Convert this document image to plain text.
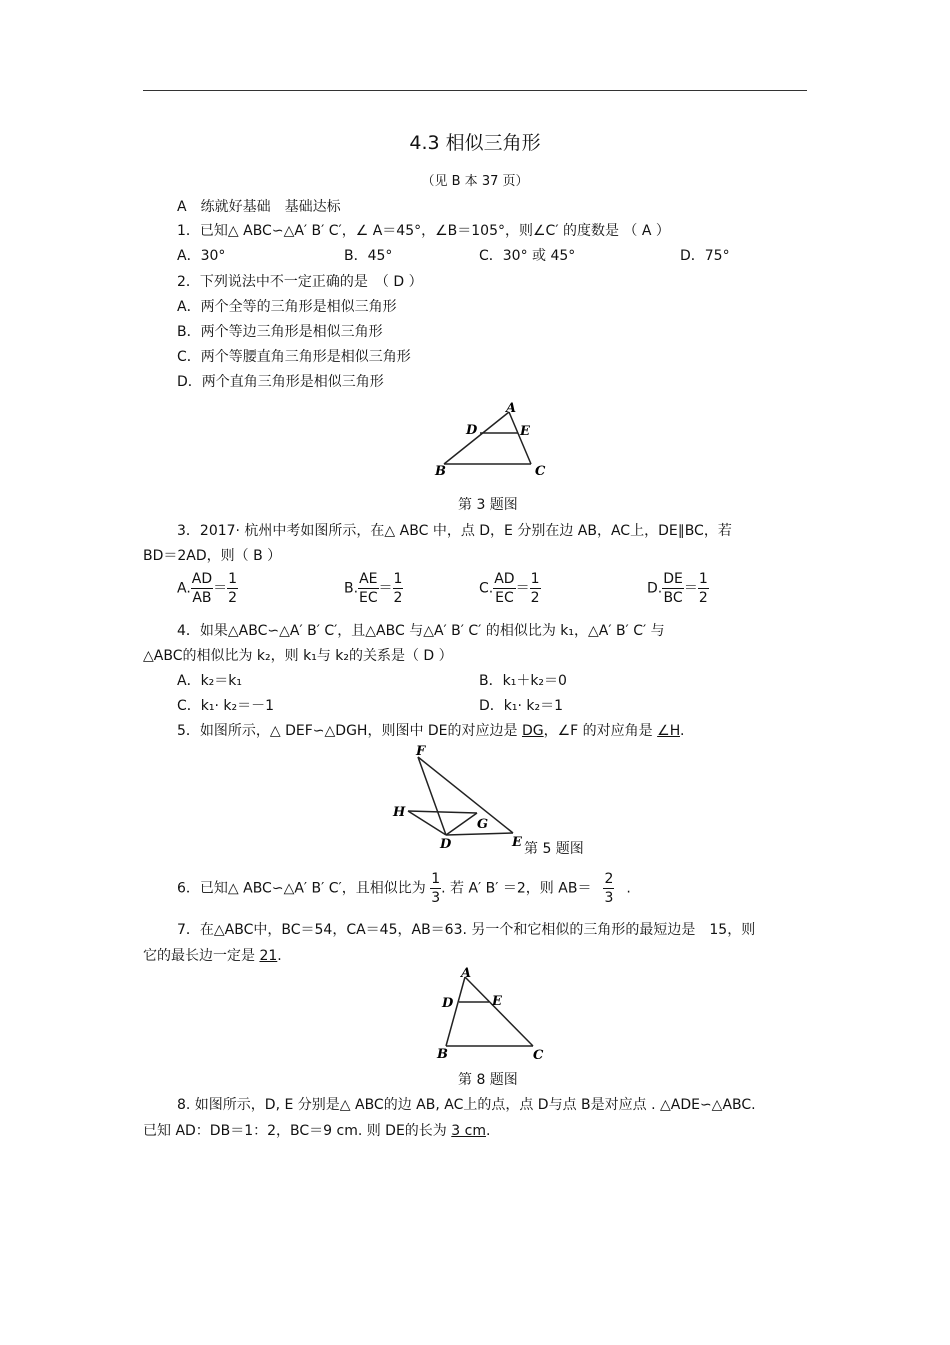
4.3 相似三角形
（见 B 本 37 页）
A　练就好基础　基础达标
1．已知△ ABC∽△A′ B′ C′，∠ A＝45°，∠B＝105°，则∠C′ 的度数是 （ A ）
A．30°	B．45°	C．30° 或 45°	D．75°
2．下列说法中不一定正确的是　（ D ）
A．两个全等的三角形是相似三角形
B．两个等边三角形是相似三角形
C．两个等腰直角三角形是相似三角形
D．两个直角三角形是相似三角形
A
D	E
B	C
第 3 题图
3．2017· 杭州中考如图所示，在△ ABC 中，点 D，E 分别在边 AB，AC上，DE∥BC，若
BD＝2AD，则（ B ）
A. $\frac{AD}{AB} = \frac{1}{2}$	B. $\frac{AE}{EC} = \frac{1}{2}$	C. $\frac{AD}{EC} = \frac{1}{2}$	D. $\frac{DE}{BC} = \frac{1}{2}$
4．如果△ABC∽△A′ B′ C′，且△ABC 与△A′ B′ C′ 的相似比为 k₁，△A′ B′ C′ 与
△ABC的相似比为 k₂，则 k₁与 k₂的关系是（ D ）
A．k₂＝k₁	B．k₁＋k₂＝0
C．k₁· k₂＝－1	D．k₁· k₂＝1
5．如图所示，△ DEF∽△DGH，则图中 DE的对应边是 DG，∠F 的对应角是 ∠H.
F
H
G
D	E 第 5 题图
6．已知△ ABC∽△A′ B′ C′，且相似比为 $\frac{1}{3}$ . 若 A′ B′ ＝2，则 $AB= \frac{2}{3}$ .
7．在△ABC中，BC＝54，CA＝45，AB＝63. 另一个和它相似的三角形的最短边是　15，则
它的最长边一定是 21.
A
D	E
B	C
第 8 题图
8. 如图所示，D, E 分别是△ ABC的边 AB, AC上的点，点 D与点 B是对应点 . △ADE∽△ABC.
已知 AD：DB＝1：2，BC＝9 cm. 则 DE的长为 3 cm.
